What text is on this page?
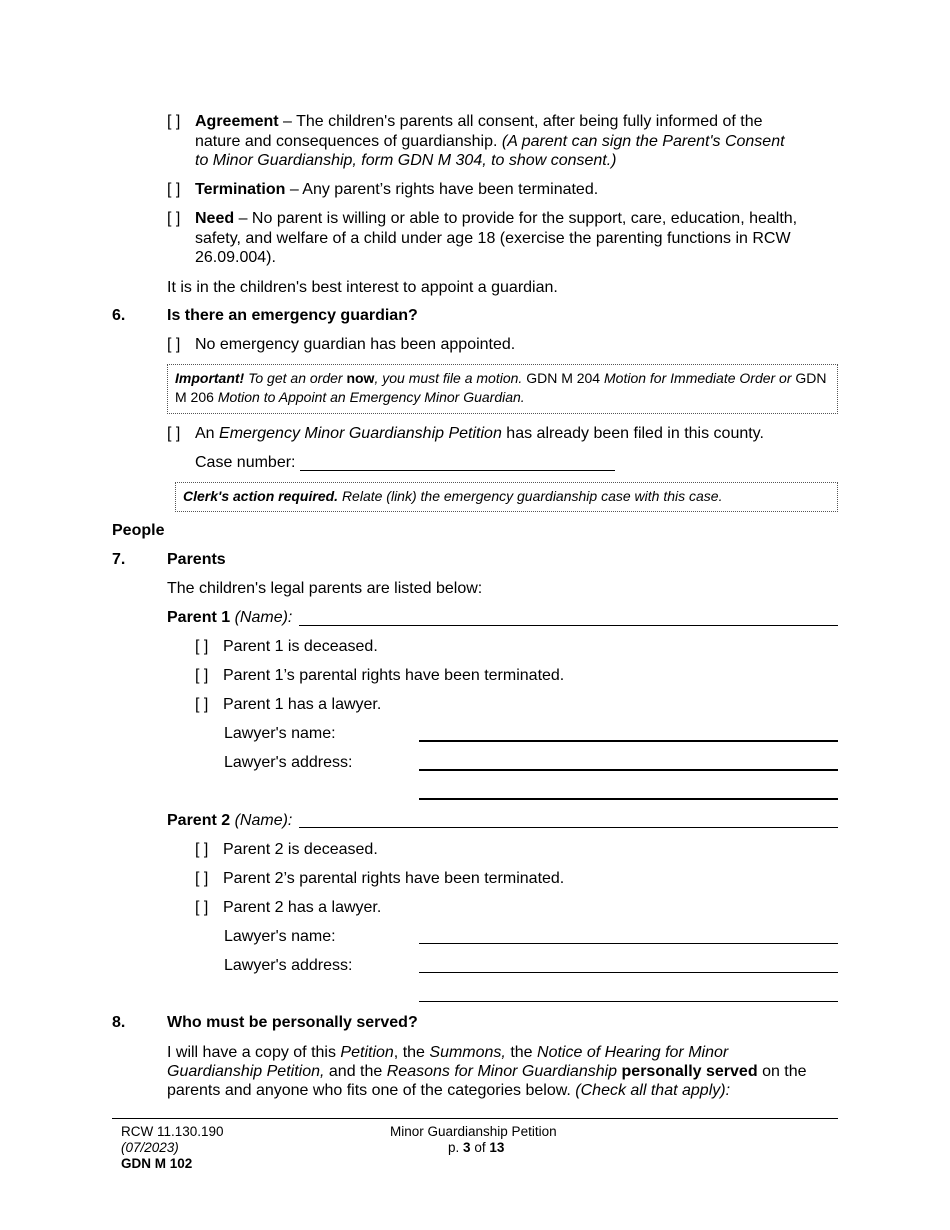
[ ] Agreement – The children's parents all consent, after being fully informed of the
nature and consequences of guardianship. (A parent can sign the Parent's Consent
to Minor Guardianship, form GDN M 304, to show consent.)
[ ] Termination – Any parent’s rights have been terminated.
[ ] Need – No parent is willing or able to provide for the support, care, education, health,
safety, and welfare of a child under age 18 (exercise the parenting functions in RCW
26.09.004).
It is in the children's best interest to appoint a guardian.
6.	Is there an emergency guardian?
[ ] No emergency guardian has been appointed.
Important! To get an order now, you must file a motion. GDN M 204 Motion for Immediate Order or GDN M 206 Motion to Appoint an Emergency Minor Guardian.
[ ] An Emergency Minor Guardianship Petition has already been filed in this county.
Case number:
Clerk's action required. Relate (link) the emergency guardianship case with this case.
People
7.	Parents
The children's legal parents are listed below:
Parent 1 (Name):
[ ] Parent 1 is deceased.
[ ] Parent 1’s parental rights have been terminated.
[ ] Parent 1 has a lawyer.
Lawyer's name:
Lawyer's address:
Parent 2 (Name):
[ ] Parent 2 is deceased.
[ ] Parent 2’s parental rights have been terminated.
[ ] Parent 2 has a lawyer.
Lawyer's name:
Lawyer's address:
8.	Who must be personally served?
I will have a copy of this Petition, the Summons, the Notice of Hearing for Minor
Guardianship Petition, and the Reasons for Minor Guardianship personally served on the
parents and anyone who fits one of the categories below. (Check all that apply):
RCW 11.130.190
(07/2023)
GDN M 102
Minor Guardianship Petition
p. 3 of 13
